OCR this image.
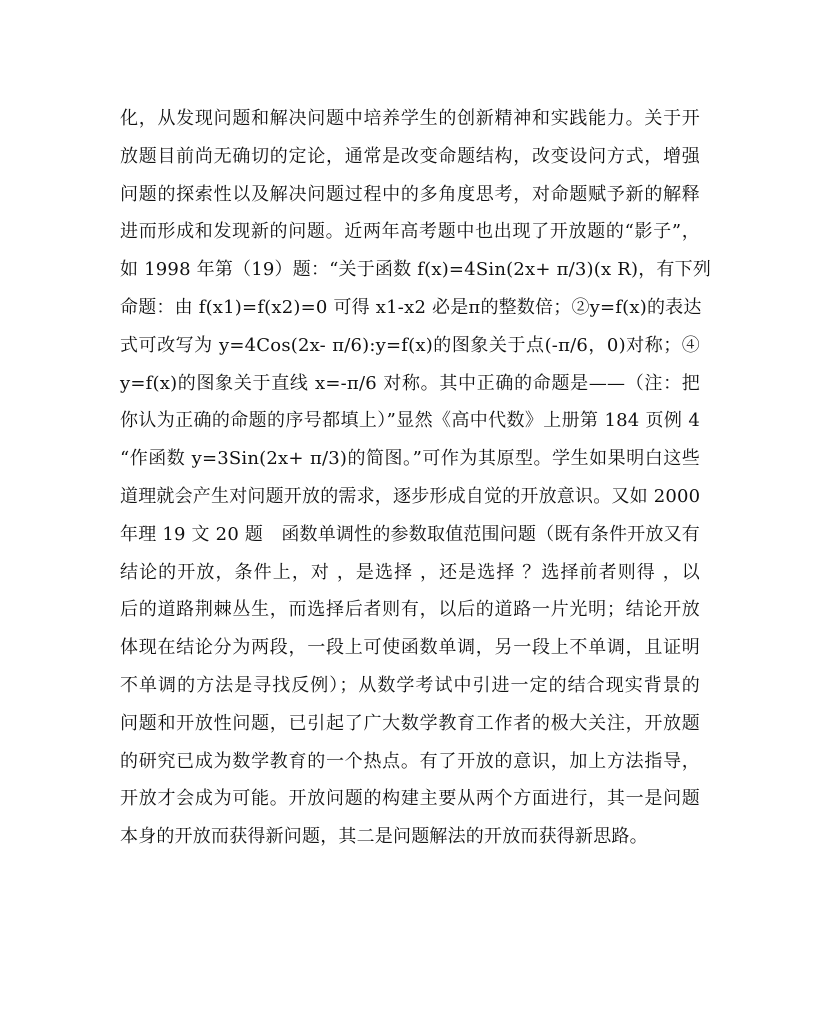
化，从发现问题和解决问题中培养学生的创新精神和实践能力。关于开
放题目前尚无确切的定论，通常是改变命题结构，改变设问方式，增强
问题的探索性以及解决问题过程中的多角度思考，对命题赋予新的解释
进而形成和发现新的问题。近两年高考题中也出现了开放题的“影子”，
如 1998 年第（19）题：“关于函数 f(x)=4Sin(2x+ π/3)(x R)，有下列
命题：由 f(x1)=f(x2)=0 可得 x1-x2 必是π的整数倍；②y=f(x)的表达
式可改写为 y=4Cos(2x- π/6):y=f(x)的图象关于点(-π/6，0)对称；④
y=f(x)的图象关于直线 x=-π/6 对称。其中正确的命题是——（注：把
你认为正确的命题的序号都填上）”显然《高中代数》上册第 184 页例 4
“作函数 y=3Sin(2x+ π/3)的简图。”可作为其原型。学生如果明白这些
道理就会产生对问题开放的需求，逐步形成自觉的开放意识。又如 2000
年理 19 文 20 题　函数单调性的参数取值范围问题（既有条件开放又有
结论的开放，条件上，对 ，是选择 ，还是选择 ？选择前者则得 ，以
后的道路荆棘丛生，而选择后者则有，以后的道路一片光明；结论开放
体现在结论分为两段，一段上可使函数单调，另一段上不单调，且证明
不单调的方法是寻找反例）；从数学考试中引进一定的结合现实背景的
问题和开放性问题，已引起了广大数学教育工作者的极大关注，开放题
的研究已成为数学教育的一个热点。有了开放的意识，加上方法指导，
开放才会成为可能。开放问题的构建主要从两个方面进行，其一是问题
本身的开放而获得新问题，其二是问题解法的开放而获得新思路。
